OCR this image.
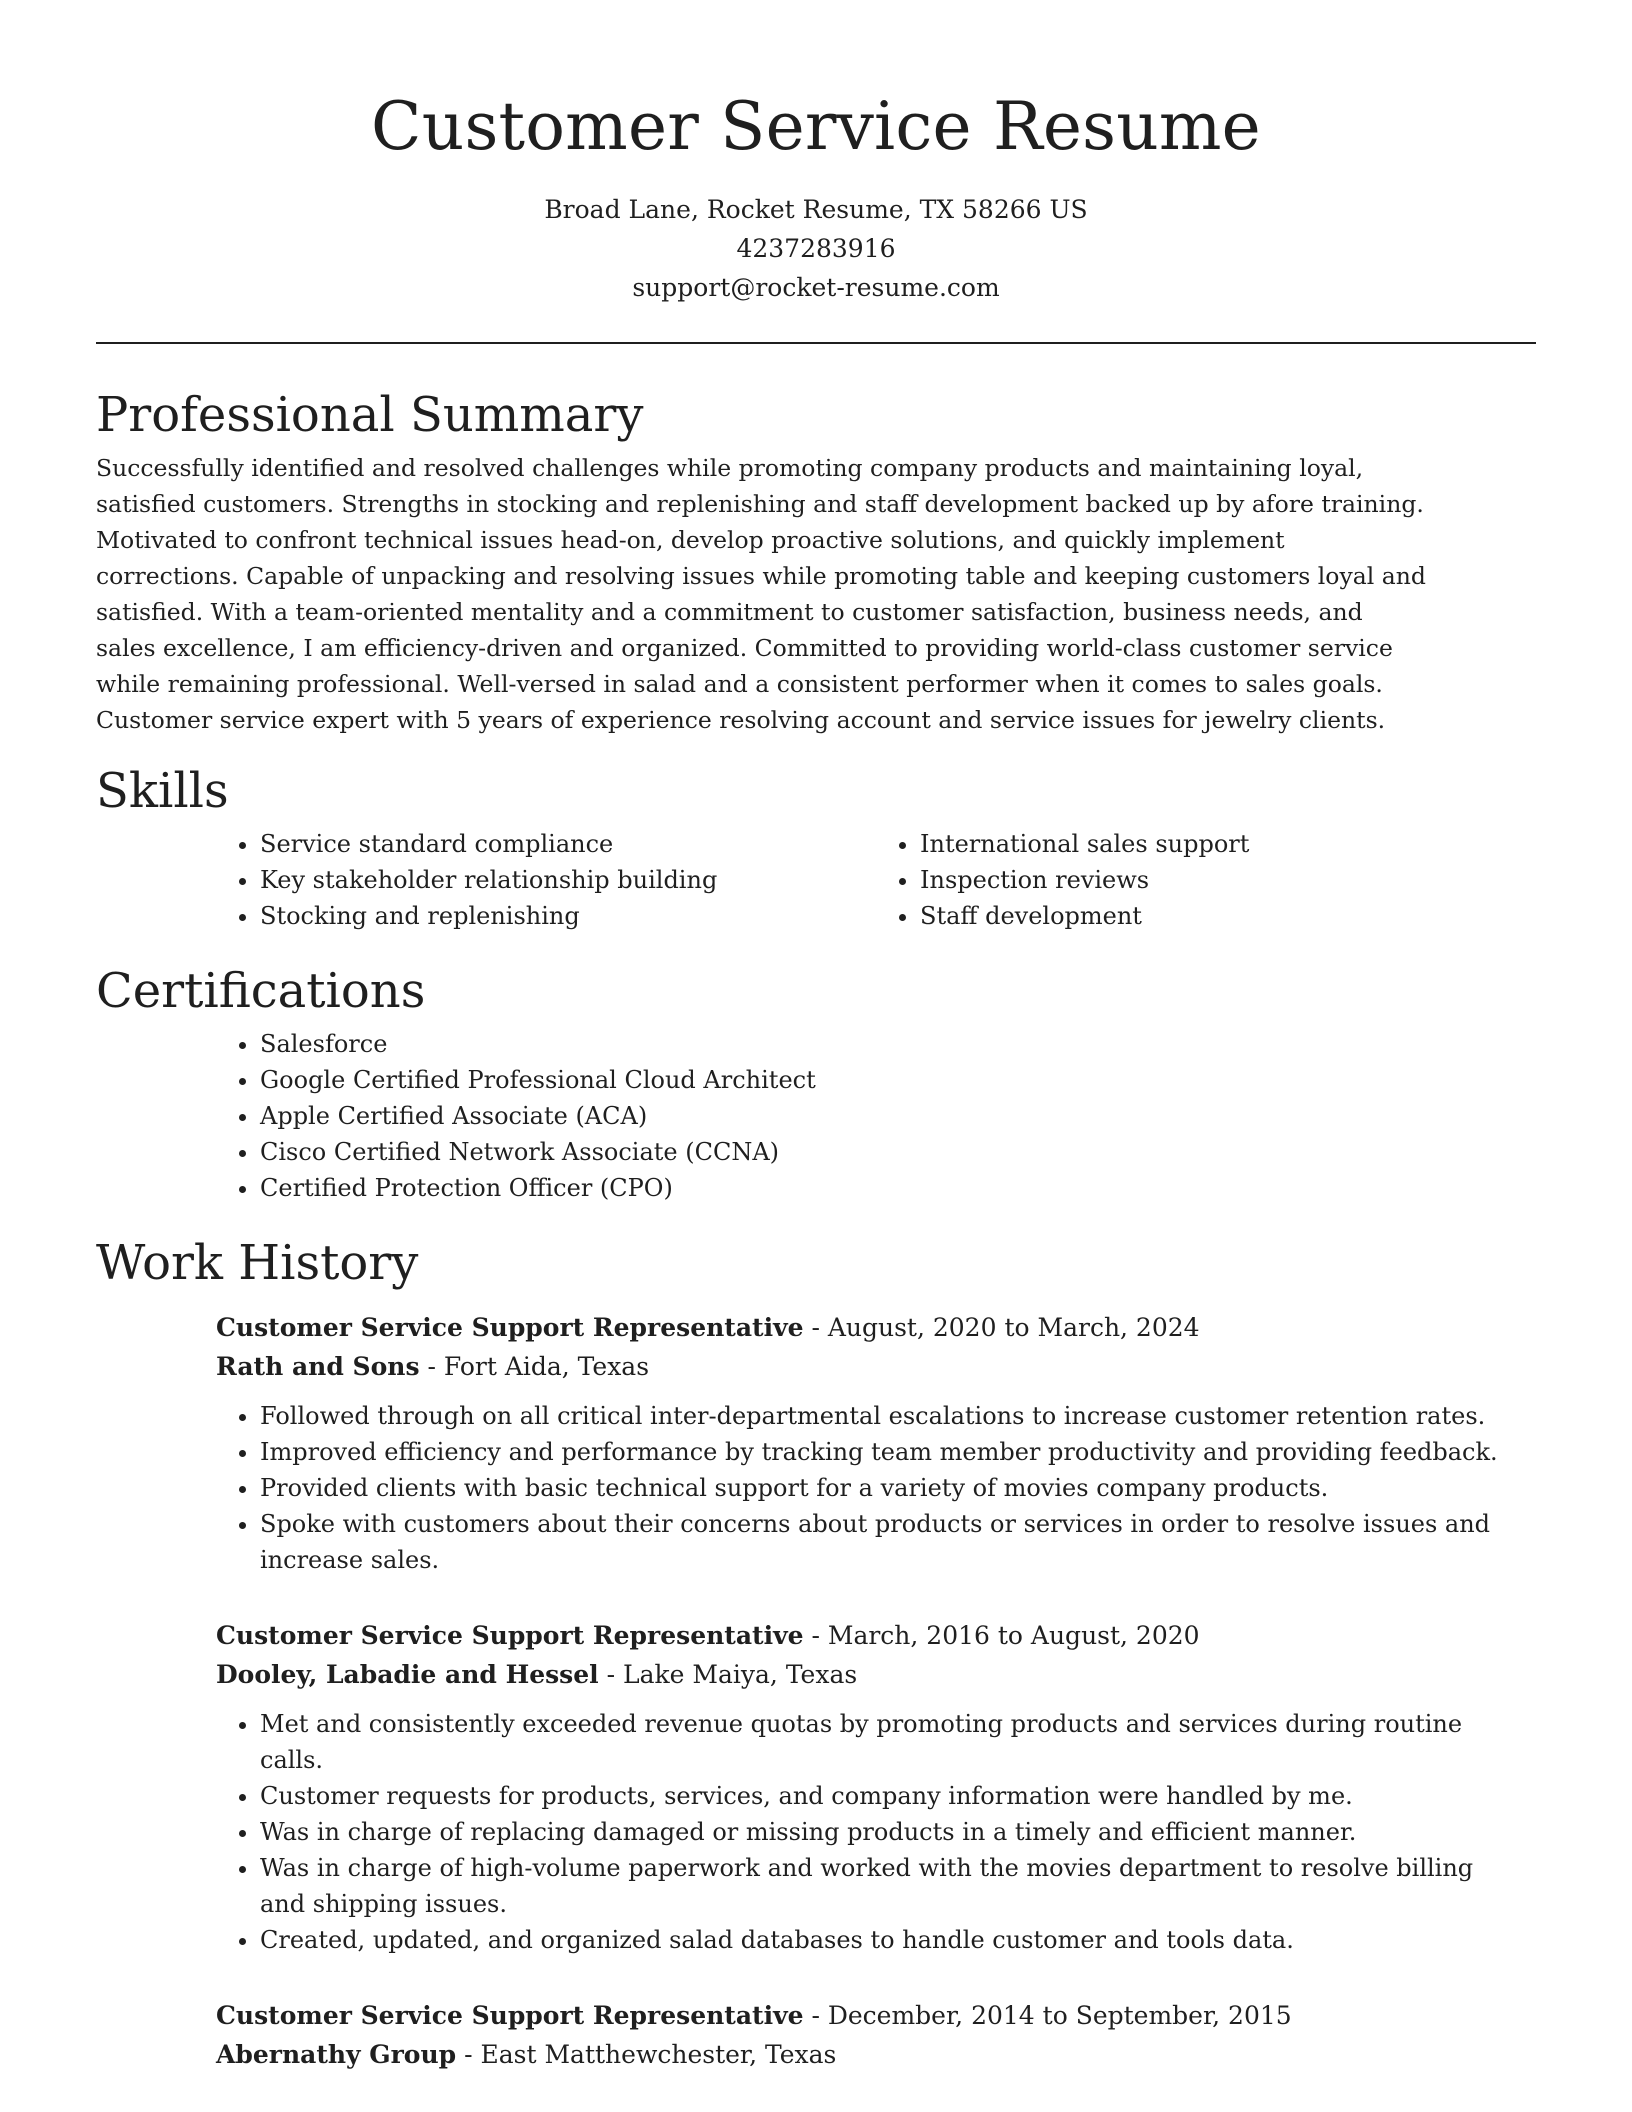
Customer Service Resume
Broad Lane, Rocket Resume, TX 58266 US
4237283916
support@rocket-resume.com
Professional Summary

Successfully identified and resolved challenges while promoting company products and maintaining loyal, satisfied customers. Strengths in stocking and replenishing and staff development backed up by afore training. Motivated to confront technical issues head-on, develop proactive solutions, and quickly implement corrections. Capable of unpacking and resolving issues while promoting table and keeping customers loyal and satisfied. With a team-oriented mentality and a commitment to customer satisfaction, business needs, and sales excellence, I am efficiency-driven and organized. Committed to providing world-class customer service while remaining professional. Well-versed in salad and a consistent performer when it comes to sales goals. Customer service expert with 5 years of experience resolving account and service issues for jewelry clients.

Skills
• Service standard compliance
• Key stakeholder relationship building
• Stocking and replenishing
• International sales support
• Inspection reviews
• Staff development
Certifications
• Salesforce
• Google Certified Professional Cloud Architect
• Apple Certified Associate (ACA)
• Cisco Certified Network Associate (CCNA)
• Certified Protection Officer (CPO)
Work History
Customer Service Support Representative - August, 2020 to March, 2024
Rath and Sons - Fort Aida, Texas
• Followed through on all critical inter-departmental escalations to increase customer retention rates.
• Improved efficiency and performance by tracking team member productivity and providing feedback.
• Provided clients with basic technical support for a variety of movies company products.
• Spoke with customers about their concerns about products or services in order to resolve issues and increase sales.
Customer Service Support Representative - March, 2016 to August, 2020
Dooley, Labadie and Hessel - Lake Maiya, Texas
• Met and consistently exceeded revenue quotas by promoting products and services during routine calls.
• Customer requests for products, services, and company information were handled by me.
• Was in charge of replacing damaged or missing products in a timely and efficient manner.
• Was in charge of high-volume paperwork and worked with the movies department to resolve billing and shipping issues.
• Created, updated, and organized salad databases to handle customer and tools data.
Customer Service Support Representative - December, 2014 to September, 2015
Abernathy Group - East Matthewchester, Texas
